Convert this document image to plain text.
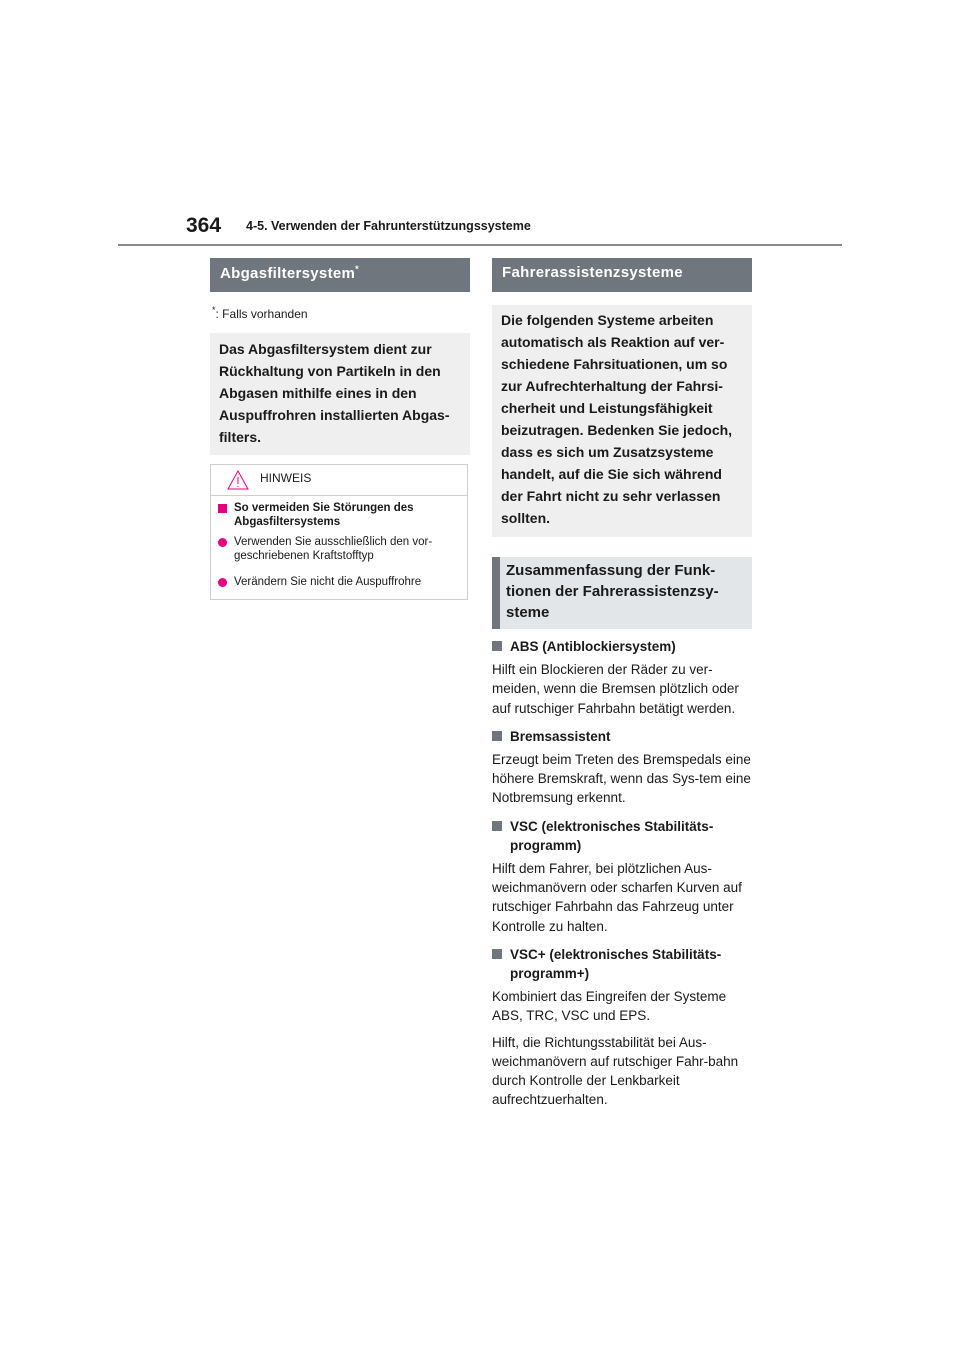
364 4-5. Verwenden der Fahrunterstützungssysteme
Abgasfiltersystem*
*: Falls vorhanden
Das Abgasfiltersystem dient zur Rückhaltung von Partikeln in den Abgasen mithilfe eines in den Auspuffrohren installierten Abgas-filters.
HINWEIS
So vermeiden Sie Störungen des Abgasfiltersystems
Verwenden Sie ausschließlich den vor-geschriebenen Kraftstofftyp
Verändern Sie nicht die Auspuffrohre
Fahrerassistenzsysteme
Die folgenden Systeme arbeiten automatisch als Reaktion auf ver-schiedene Fahrsituationen, um so zur Aufrechterhaltung der Fahrsi-cherheit und Leistungsfähigkeit beizutragen. Bedenken Sie jedoch, dass es sich um Zusatzsysteme handelt, auf die Sie sich während der Fahrt nicht zu sehr verlassen sollten.
Zusammenfassung der Funk-tionen der Fahrerassistenzsy-steme
ABS (Antiblockiersystem)
Hilft ein Blockieren der Räder zu ver-meiden, wenn die Bremsen plötzlich oder auf rutschiger Fahrbahn betätigt werden.
Bremsassistent
Erzeugt beim Treten des Bremspedals eine höhere Bremskraft, wenn das Sys-tem eine Notbremsung erkennt.
VSC (elektronisches Stabilitäts-programm)
Hilft dem Fahrer, bei plötzlichen Aus-weichmanövern oder scharfen Kurven auf rutschiger Fahrbahn das Fahrzeug unter Kontrolle zu halten.
VSC+ (elektronisches Stabilitäts-programm+)
Kombiniert das Eingreifen der Systeme ABS, TRC, VSC und EPS.
Hilft, die Richtungsstabilität bei Aus-weichmanövern auf rutschiger Fahr-bahn durch Kontrolle der Lenkbarkeit aufrechtzuerhalten.
